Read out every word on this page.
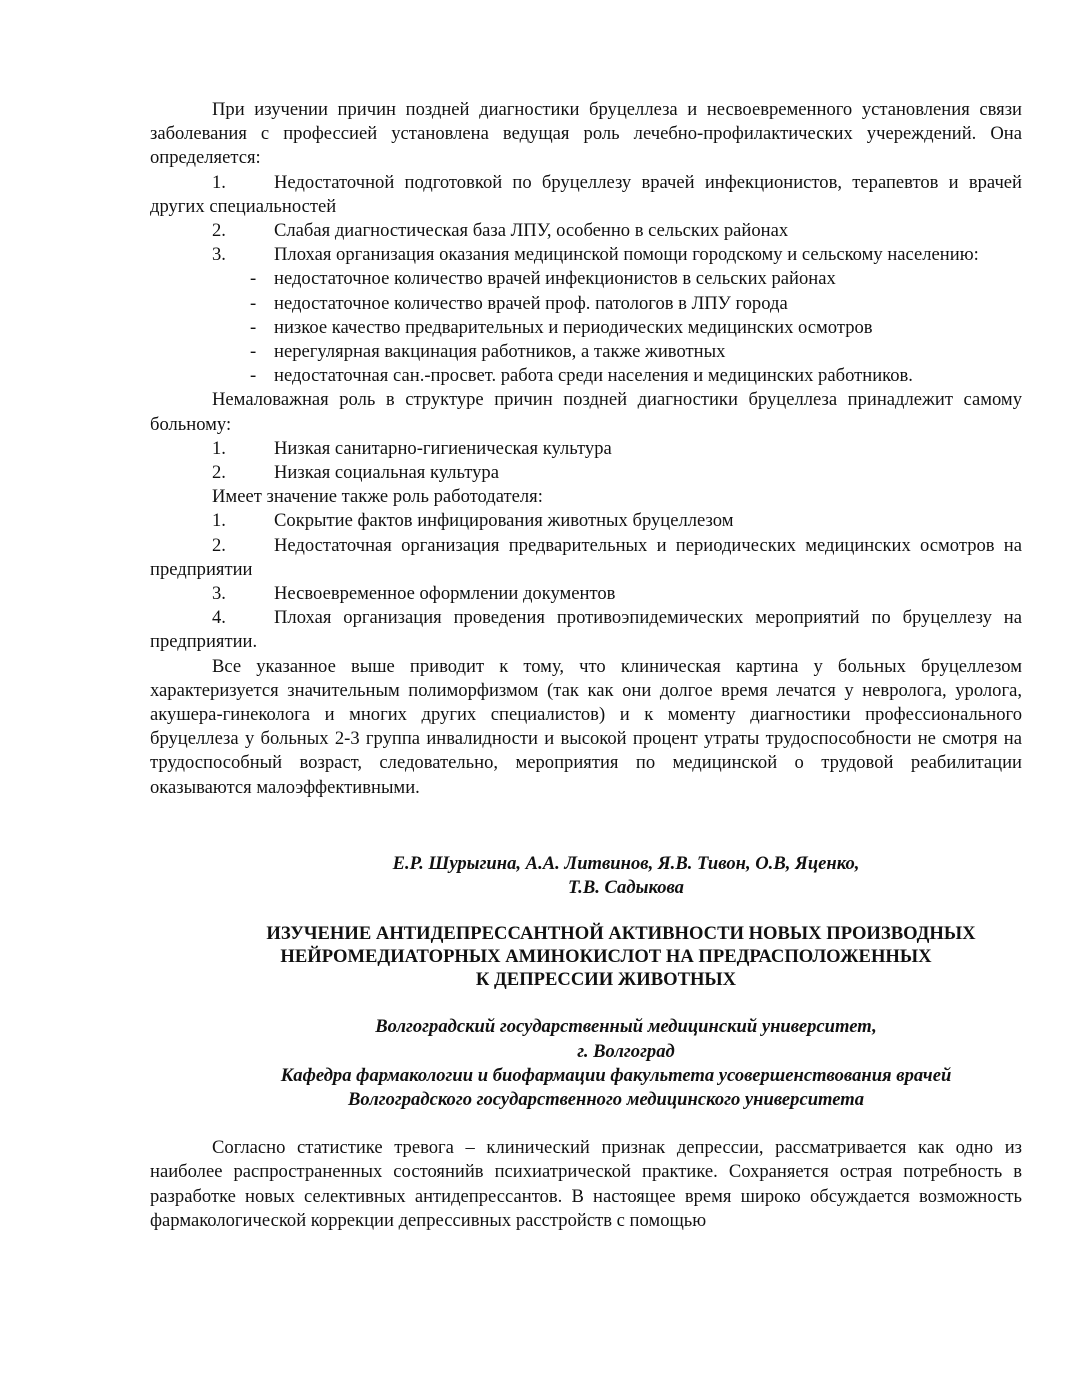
При изучении причин поздней диагностики бруцеллеза и несвоевременного установления связи заболевания с профессией установлена ведущая роль лечебно-профилактических учереждений. Она определяется:

1.	Недостаточной подготовкой по бруцеллезу врачей инфекционистов, терапевтов и врачей других специальностей

2.	Слабая диагностическая база ЛПУ, особенно в сельских районах

3.	Плохая организация оказания медицинской помощи городскому и сельскому населению:

- недостаточное количество врачей инфекционистов в сельских районах
- недостаточное количество врачей проф. патологов в ЛПУ города
- низкое качество предварительных и периодических медицинских осмотров
- нерегулярная вакцинация работников, а также животных
- недостаточная сан.-просвет. работа среди населения и медицинских работников.

Немаловажная роль в структуре причин поздней диагностики бруцеллеза принадлежит самому больному:

1.	Низкая санитарно-гигиеническая культура

2.	Низкая социальная культура

Имеет значение также роль работодателя:

1.	Сокрытие фактов инфицирования животных бруцеллезом

2.	Недостаточная организация предварительных и периодических медицинских осмотров на предприятии

3.	Несвоевременное оформлении документов

4.	Плохая организация проведения противоэпидемических мероприятий по бруцеллезу на предприятии.

Все указанное выше приводит к тому, что клиническая картина у больных бруцеллезом характеризуется значительным полиморфизмом (так как они долгое время лечатся у невролога, уролога, акушера-гинеколога и многих других специалистов) и к моменту диагностики профессионального бруцеллеза у больных 2-3 группа инвалидности и высокой процент утраты трудоспособности не смотря на трудоспособный возраст, следовательно, мероприятия по медицинской о трудовой реабилитации оказываются малоэффективными.

Е.Р. Шурыгина, А.А. Литвинов, Я.В. Тивон, О.В, Яценко,

Т.В. Садыкова

ИЗУЧЕНИЕ АНТИДЕПРЕССАНТНОЙ АКТИВНОСТИ НОВЫХ ПРОИЗВОДНЫХ

НЕЙРОМЕДИАТОРНЫХ АМИНОКИСЛОТ НА ПРЕДРАСПОЛОЖЕННЫХ

К ДЕПРЕССИИ ЖИВОТНЫХ

Волгоградский государственный медицинский университет,

г. Волгоград

Кафедра фармакологии и биофармации факультета усовершенствования врачей

Волгоградского государственного медицинского университета

Согласно статистике тревога – клинический признак депрессии, рассматривается как одно из наиболее распространенных состоянийв психиатрической практике. Сохраняется острая потребность в разработке новых селективных антидепрессантов. В настоящее время широко обсуждается возможность фармакологической коррекции депрессивных расстройств с помощью
